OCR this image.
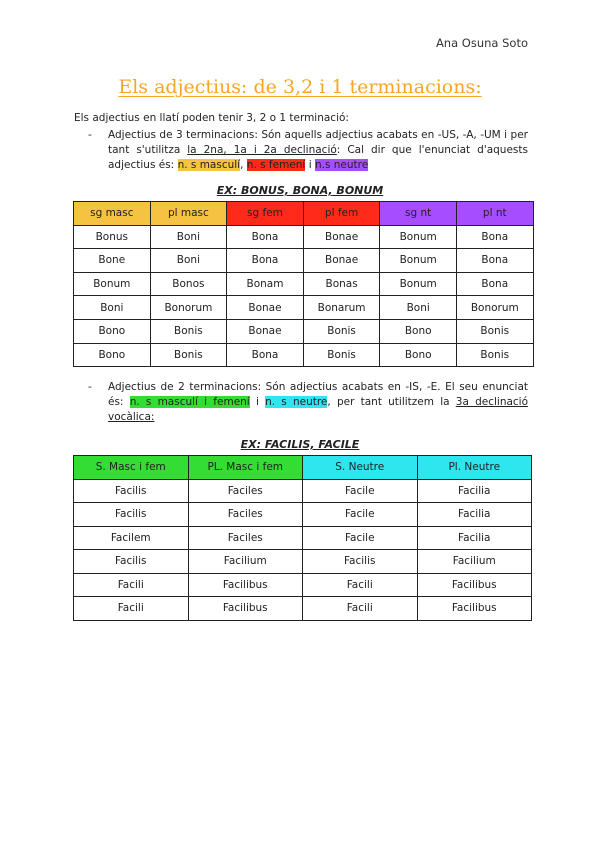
Ana Osuna Soto
Els adjectius: de 3,2 i 1 terminacions:
Els adjectius en llatí poden tenir 3, 2 o 1 terminació:
- Adjectius de 3 terminacions: Són aquells adjectius acabats en -US, -A, -UM i per tant s'utilitza la 2na, 1a i 2a declinació: Cal dir que l'enunciat d'aquests adjectius és: n. s masculí, n. s femení i n.s neutre
EX: BONUS, BONA, BONUM
sg masc	pl masc	sg fem	pl fem	sg nt	pl nt
Bonus	Boni	Bona	Bonae	Bonum	Bona
Bone	Boni	Bona	Bonae	Bonum	Bona
Bonum	Bonos	Bonam	Bonas	Bonum	Bona
Boni	Bonorum	Bonae	Bonarum	Boni	Bonorum
Bono	Bonis	Bonae	Bonis	Bono	Bonis
Bono	Bonis	Bona	Bonis	Bono	Bonis
- Adjectius de 2 terminacions: Són adjectius acabats en -IS, -E. El seu enunciat és: n. s masculí i femení i n. s neutre, per tant utilitzem la 3a declinació vocàlica:
EX: FACILIS, FACILE
S. Masc i fem	PL. Masc i fem	S. Neutre	Pl. Neutre
Facilis	Faciles	Facile	Facilia
Facilis	Faciles	Facile	Facilia
Facilem	Faciles	Facile	Facilia
Facilis	Facilium	Facilis	Facilium
Facili	Facilibus	Facili	Facilibus
Facili	Facilibus	Facili	Facilibus
